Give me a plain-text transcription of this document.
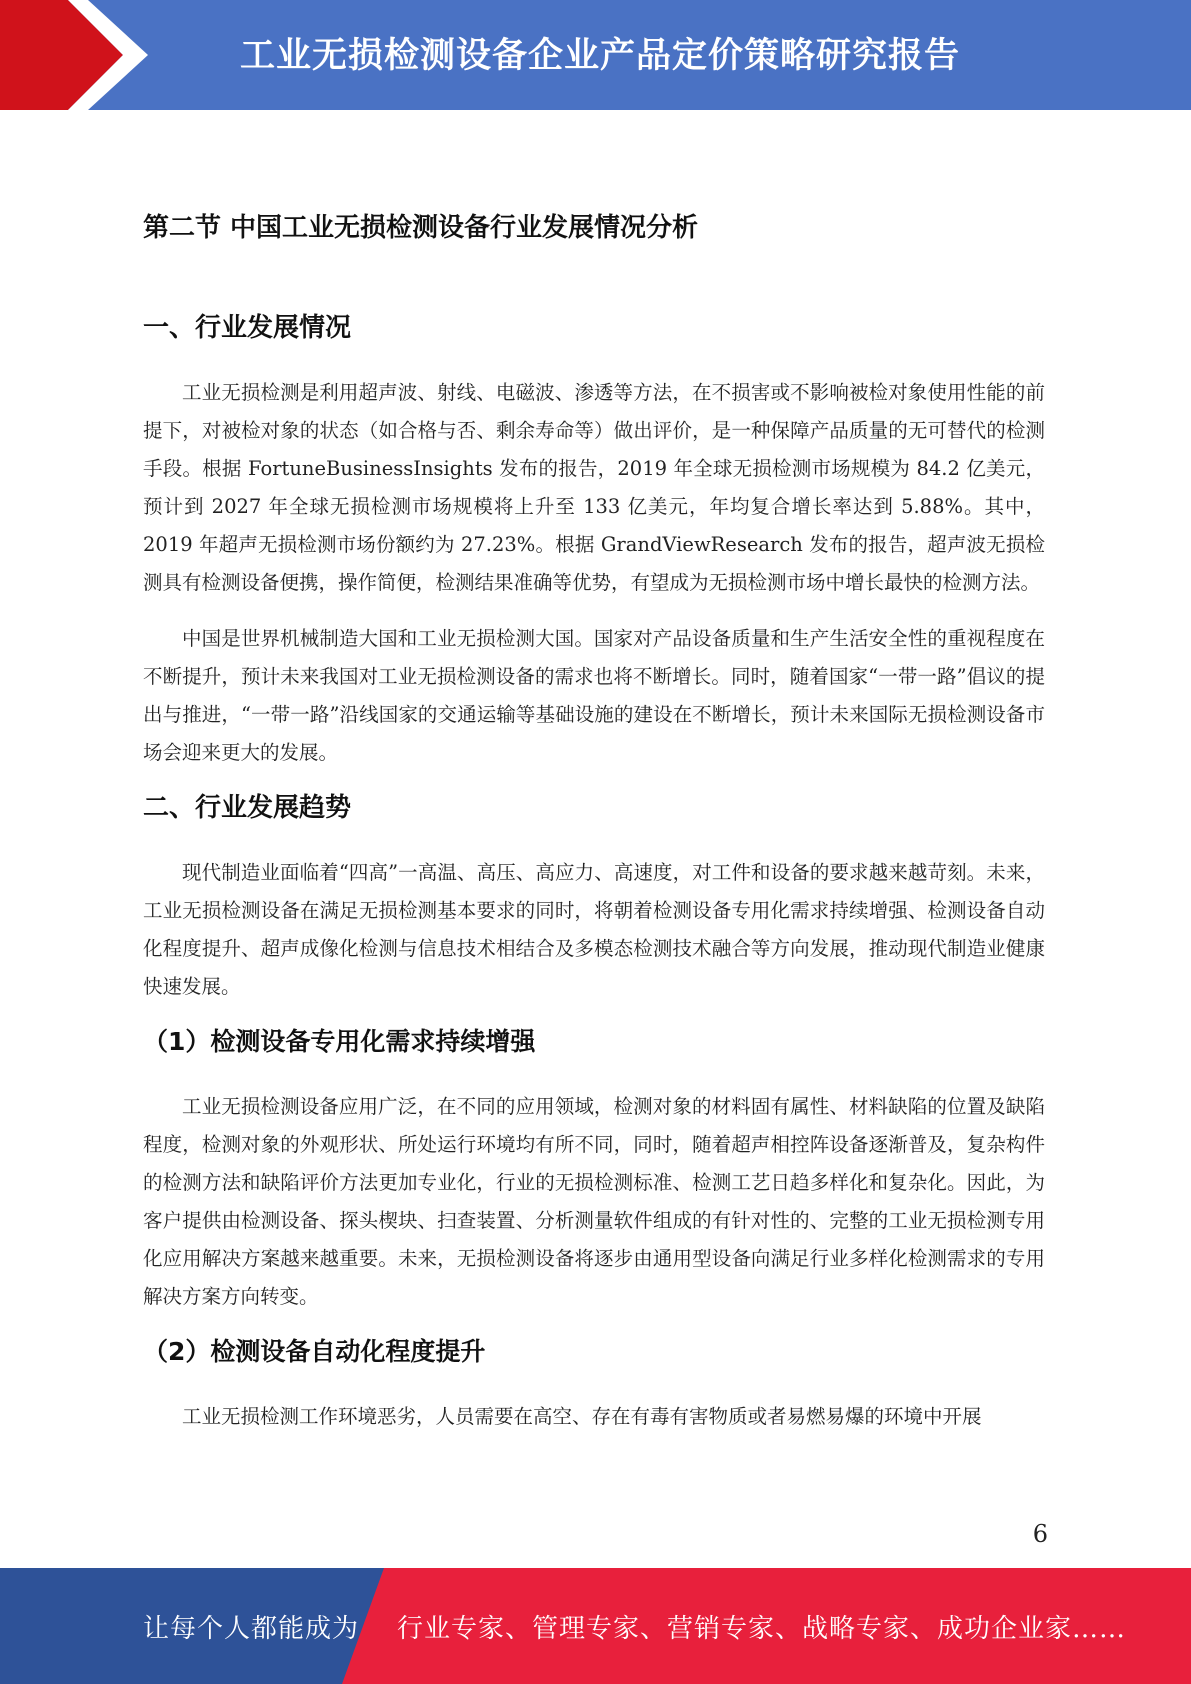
工业无损检测设备企业产品定价策略研究报告
第二节 中国工业无损检测设备行业发展情况分析
一、行业发展情况

工业无损检测是利用超声波、射线、电磁波、渗透等方法，在不损害或不影响被检对象使用性能的前提下，对被检对象的状态（如合格与否、剩余寿命等）做出评价，是一种保障产品质量的无可替代的检测手段。根据 FortuneBusinessInsights 发布的报告，2019 年全球无损检测市场规模为 84.2 亿美元，预计到 2027 年全球无损检测市场规模将上升至 133 亿美元，年均复合增长率达到 5.88%。其中，2019 年超声无损检测市场份额约为 27.23%。根据 GrandViewResearch 发布的报告，超声波无损检测具有检测设备便携，操作简便，检测结果准确等优势，有望成为无损检测市场中增长最快的检测方法。

中国是世界机械制造大国和工业无损检测大国。国家对产品设备质量和生产生活安全性的重视程度在不断提升，预计未来我国对工业无损检测设备的需求也将不断增长。同时，随着国家“一带一路”倡议的提出与推进，“一带一路”沿线国家的交通运输等基础设施的建设在不断增长，预计未来国际无损检测设备市场会迎来更大的发展。

二、行业发展趋势

现代制造业面临着“四高”一高温、高压、高应力、高速度，对工件和设备的要求越来越苛刻。未来，工业无损检测设备在满足无损检测基本要求的同时，将朝着检测设备专用化需求持续增强、检测设备自动化程度提升、超声成像化检测与信息技术相结合及多模态检测技术融合等方向发展，推动现代制造业健康快速发展。

（1）检测设备专用化需求持续增强

工业无损检测设备应用广泛，在不同的应用领域，检测对象的材料固有属性、材料缺陷的位置及缺陷程度，检测对象的外观形状、所处运行环境均有所不同，同时，随着超声相控阵设备逐渐普及，复杂构件的检测方法和缺陷评价方法更加专业化，行业的无损检测标准、检测工艺日趋多样化和复杂化。因此，为客户提供由检测设备、探头楔块、扫查装置、分析测量软件组成的有针对性的、完整的工业无损检测专用化应用解决方案越来越重要。未来，无损检测设备将逐步由通用型设备向满足行业多样化检测需求的专用解决方案方向转变。

（2）检测设备自动化程度提升

工业无损检测工作环境恶劣，人员需要在高空、存在有毒有害物质或者易燃易爆的环境中开展

6
让每个人都能成为 行业专家、管理专家、营销专家、战略专家、成功企业家……
